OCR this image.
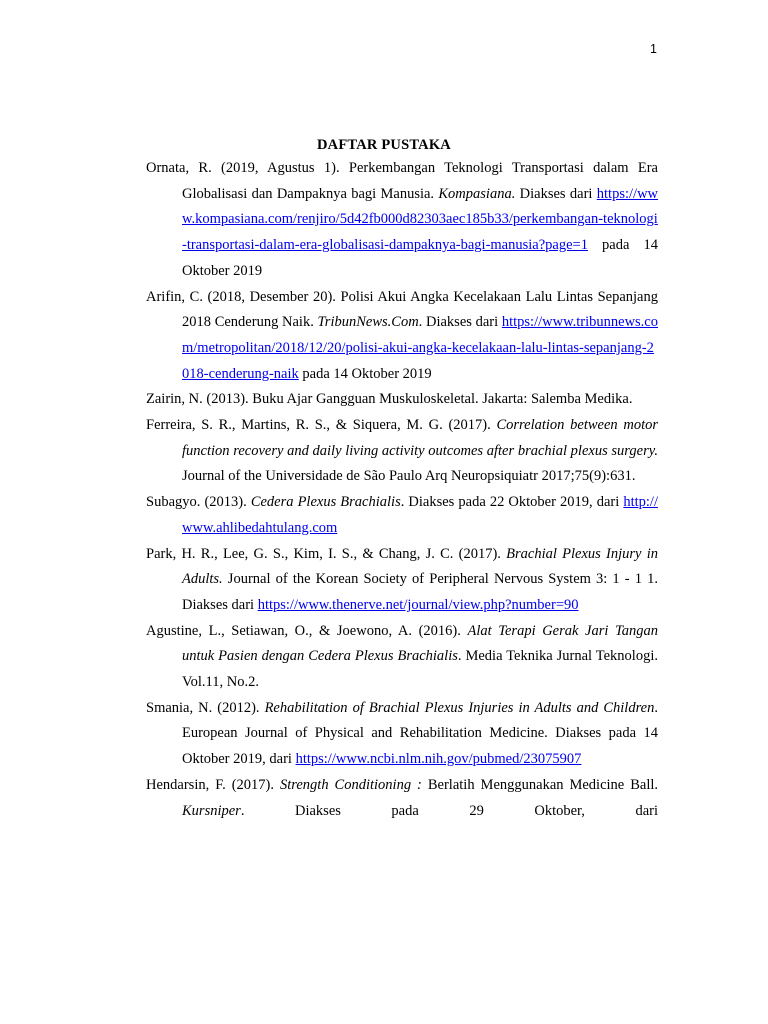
1
DAFTAR PUSTAKA

Ornata, R. (2019, Agustus 1). Perkembangan Teknologi Transportasi dalam Era Globalisasi dan Dampaknya bagi Manusia. Kompasiana. Diakses dari https://www.kompasiana.com/renjiro/5d42fb000d82303aec185b33/perkembangan-teknologi-transportasi-dalam-era-globalisasi-dampaknya-bagi-manusia?page=1 pada 14 Oktober 2019

Arifin, C. (2018, Desember 20). Polisi Akui Angka Kecelakaan Lalu Lintas Sepanjang 2018 Cenderung Naik. TribunNews.Com. Diakses dari https://www.tribunnews.com/metropolitan/2018/12/20/polisi-akui-angka-kecelakaan-lalu-lintas-sepanjang-2018-cenderung-naik pada 14 Oktober 2019

Zairin, N. (2013). Buku Ajar Gangguan Muskuloskeletal. Jakarta: Salemba Medika.

Ferreira, S. R., Martins, R. S., & Siquera, M. G. (2017). Correlation between motor function recovery and daily living activity outcomes after brachial plexus surgery. Journal of the Universidade de São Paulo Arq Neuropsiquiatr 2017;75(9):631.

Subagyo. (2013). Cedera Plexus Brachialis. Diakses pada 22 Oktober 2019, dari http://www.ahlibedahtulang.com

Park, H. R., Lee, G. S., Kim, I. S., & Chang, J. C. (2017). Brachial Plexus Injury in Adults. Journal of the Korean Society of Peripheral Nervous System 3: 1 - 1 1. Diakses dari https://www.thenerve.net/journal/view.php?number=90

Agustine, L., Setiawan, O., & Joewono, A. (2016). Alat Terapi Gerak Jari Tangan untuk Pasien dengan Cedera Plexus Brachialis. Media Teknika Jurnal Teknologi. Vol.11, No.2.

Smania, N. (2012). Rehabilitation of Brachial Plexus Injuries in Adults and Children. European Journal of Physical and Rehabilitation Medicine. Diakses pada 14 Oktober 2019, dari https://www.ncbi.nlm.nih.gov/pubmed/23075907

Hendarsin, F. (2017). Strength Conditioning : Berlatih Menggunakan Medicine Ball. Kursniper. Diakses pada 29 Oktober, dari
